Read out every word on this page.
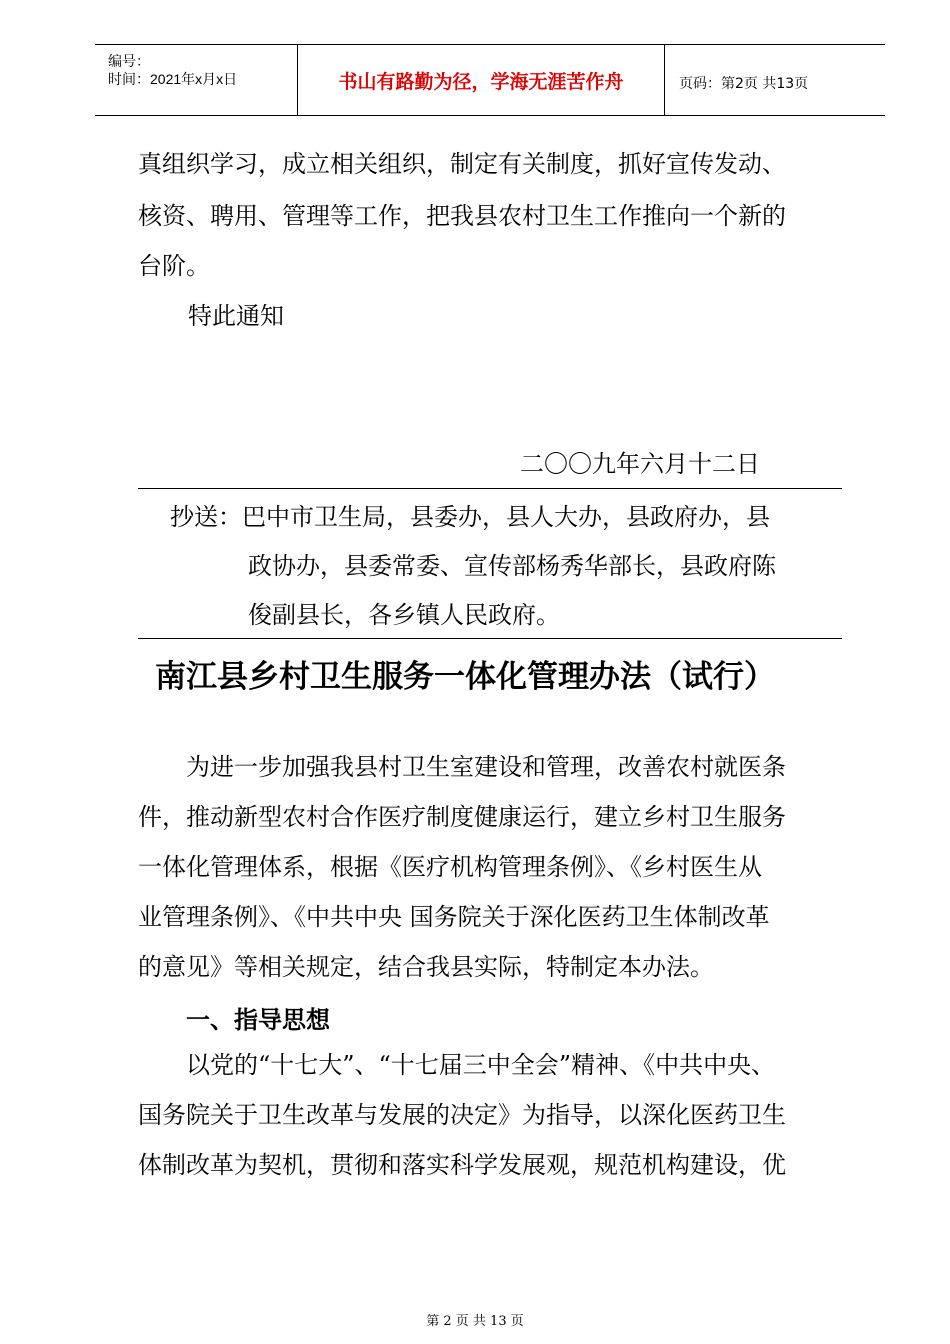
编号：
时间：2021年x月x日	书山有路勤为径，学海无涯苦作舟	页码：第2页 共13页
真组织学习，成立相关组织，制定有关制度，抓好宣传发动、
核资、聘用、管理等工作，把我县农村卫生工作推向一个新的
台阶。
特此通知
二〇〇九年六月十二日
抄送：巴中市卫生局，县委办，县人大办，县政府办，县
政协办，县委常委、宣传部杨秀华部长，县政府陈
俊副县长，各乡镇人民政府。
南江县乡村卫生服务一体化管理办法（试行）
为进一步加强我县村卫生室建设和管理，改善农村就医条
件，推动新型农村合作医疗制度健康运行，建立乡村卫生服务
一体化管理体系，根据《医疗机构管理条例》、《乡村医生从
业管理条例》、《中共中央 国务院关于深化医药卫生体制改革
的意见》等相关规定，结合我县实际，特制定本办法。
一、指导思想
以党的“十七大”、“十七届三中全会”精神、《中共中央、
国务院关于卫生改革与发展的决定》为指导，以深化医药卫生
体制改革为契机，贯彻和落实科学发展观，规范机构建设，优
第 2 页 共 13 页
